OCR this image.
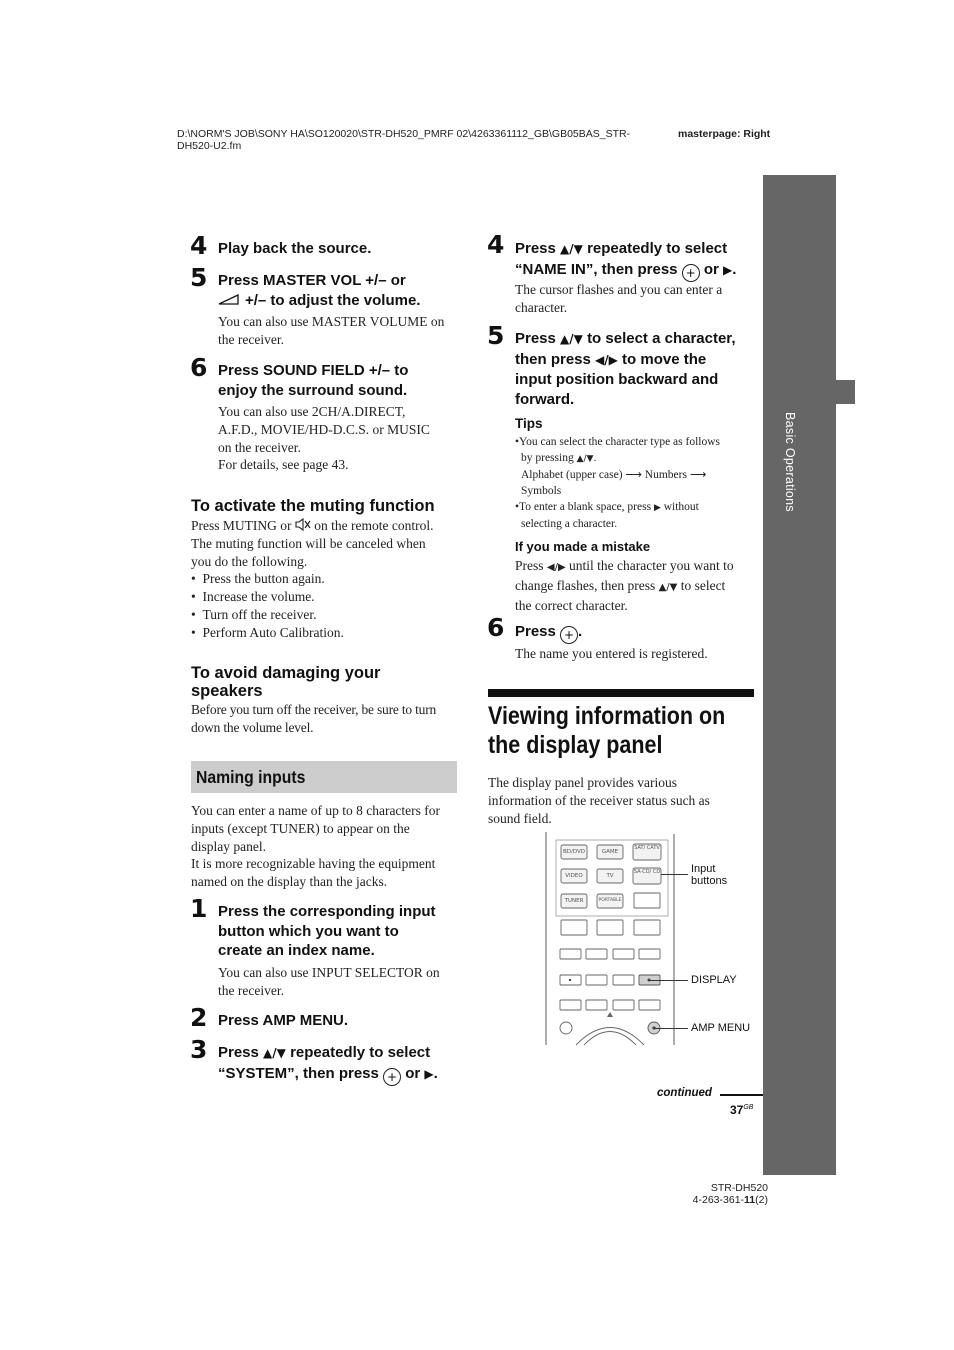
D:\NORM'S JOB\SONY HA\SO120020\STR-DH520_PMRF 02\4263361112_GB\GB05BAS_STR-
DH520-U2.fm
masterpage: Right
Basic Operations
4 Play back the source.
5 Press MASTER VOL +/– or
+/– to adjust the volume.
You can also use MASTER VOLUME on
the receiver.
6 Press SOUND FIELD +/– to
enjoy the surround sound.
You can also use 2CH/A.DIRECT,
A.F.D., MOVIE/HD-D.C.S. or MUSIC
on the receiver.
For details, see page 43.
To activate the muting function
Press MUTING or on the remote control.
The muting function will be canceled when
you do the following.
•  Press the button again.
•  Increase the volume.
•  Turn off the receiver.
•  Perform Auto Calibration.
To avoid damaging your
speakers
Before you turn off the receiver, be sure to turn
down the volume level.
Naming inputs
You can enter a name of up to 8 characters for
inputs (except TUNER) to appear on the
display panel.
It is more recognizable having the equipment
named on the display than the jacks.
1 Press the corresponding input
button which you want to
create an index name.
You can also use INPUT SELECTOR on
the receiver.
2 Press AMP MENU.
3 Press ▲/▼ repeatedly to select
“SYSTEM”, then press + or ▶.
4 Press ▲/▼ repeatedly to select
“NAME IN”, then press + or ▶.
The cursor flashes and you can enter a
character.
5 Press ▲/▼ to select a character,
then press ◀/▶ to move the
input position backward and
forward.
Tips
•You can select the character type as follows
by pressing ▲/▼.
Alphabet (upper case) ⟶ Numbers ⟶
Symbols
•To enter a blank space, press ▶ without
selecting a character.
If you made a mistake
Press ◀/▶ until the character you want to
change flashes, then press ▲/▼ to select
the correct character.
6 Press + .
The name you entered is registered.
Viewing information on
the display panel
The display panel provides various
information of the receiver status such as
sound field.
BD/DVD	GAME
SAT/ CATV
VIDEO	TV
SA-CD/ CD
TUNER	PORTABLE
Input
buttons
DISPLAY
AMP MENU
continued
$37^{GB}$
STR-DH520
4-263-361-11(2)
